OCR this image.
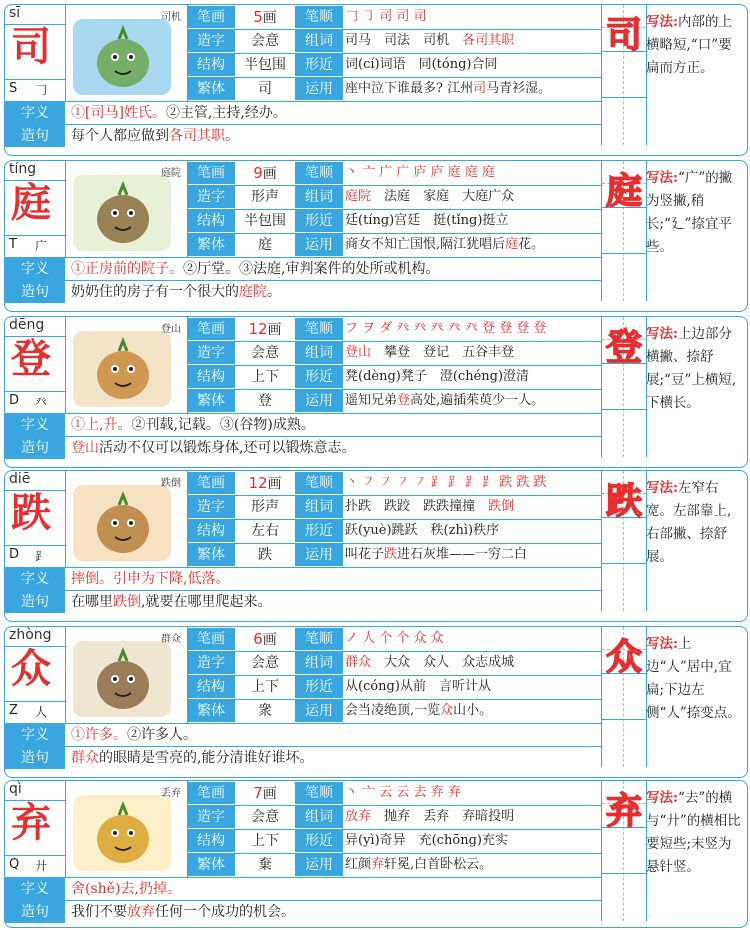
sī
司
S 𠃌
司机	笔画	5画	笔顺 𠃌 ㇆ 司 司 司
造字	会意	组词 司马　 司法　 司机　 各司其职
结构	半包围	形近 词(cí)词语　同(tóng)合同
繁体	司	运用 座中泣下谁最多? 江州司马青衫湿。
字义	①[司马]姓氏。②主管,主持,经办。
造句	每个人都应做到各司其职。
司 写法:内部的上横略短,“口”要扁而方正。
tíng
庭
T 广
庭院	笔画	9画	笔顺 丶 亠 广 广 庐 庐 庭 庭 庭
造字	形声	组词 庭院　 法庭　 家庭　 大庭广众　
结构	半包围	形近 廷(tíng)宫廷　挺(tǐng)挺立
繁体	庭	运用 商女不知亡国恨,隔江犹唱后庭花。
字义	①正房前的院子。②厅堂。③法庭,审判案件的处所或机构。
造句	奶奶住的房子有一个很大的庭院。
庭 写法:“广”的撇为竖撇,稍长;“廴”捺宜平些。
dēng
登
D 癶
登山	笔画	12画	笔顺 フ ヲ ダ 癶 癶 癶 癶 癶 登 登 登 登
造字	会意	组词 登山　 攀登　 登记　 五谷丰登　
结构	上下	形近 凳(dèng)凳子　澄(chéng)澄清
繁体	登	运用 遥知兄弟登高处,遍插茱萸少一人。
字义	①上,升。②刊载,记载。③(谷物)成熟。
造句	登山活动不仅可以锻炼身体,还可以锻炼意志。
登 写法:上边部分横撇、捺舒展;“豆”上横短,下横长。
diē
跌
D ⻊
跌倒	笔画	12画	笔顺 丶 ㇇ ㇇ ㇇ ㇇ ⻊ ⻊ ⻊ ⻊ 跌 跌 跌
造字	形声	组词 扑跌　 跌跤　 跌跌撞撞　 跌倒
结构	左右	形近 跃(yuè)跳跃　秩(zhì)秩序
繁体	跌	运用 叫花子跌进石灰堆——一穷二白
字义	摔倒。引申为下降,低落。
造句	在哪里跌倒,就要在哪里爬起来。
跌 写法:左窄右宽。左部靠上,右部撇、捺舒展。
zhòng
众
Z 人
群众	笔画	6画	笔顺 ノ 人 个 个 众 众
造字	会意	组词 群众　 大众　 众人　 众志成城　
结构	上下	形近 从(cóng)从前　言听计从
繁体	衆	运用 会当凌绝顶,一览众山小。
字义	①许多。②许多人。
造句	群众的眼睛是雪亮的,能分清谁好谁坏。
众 写法:上边“人”居中,宜扁;下边左侧“人”捺变点。
qì
弃
Q 廾
丢弃	笔画	7画	笔顺 丶 亠 云 云 去 弃 弃
造字	会意	组词 放弃　 抛弃　 丢弃　 弃暗投明　
结构	上下	形近 异(yì)奇异　充(chōng)充实
繁体	棄	运用 红颜弃轩冕,白首卧松云。
字义	舍(shě)去,扔掉。
造句	我们不要放弃任何一个成功的机会。
弃 写法:“去”的横与“廾”的横相比要短些;末竖为悬针竖。
